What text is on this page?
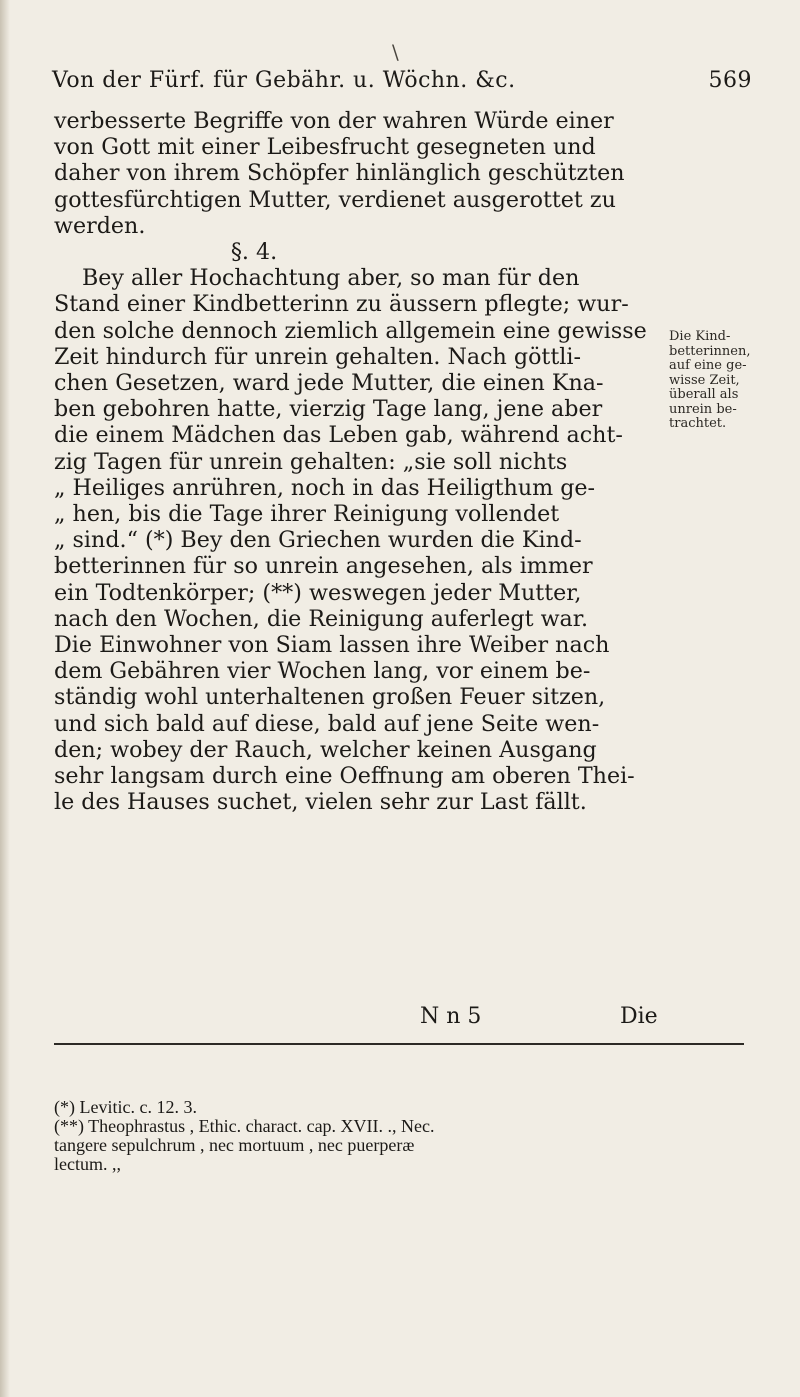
\
Von der Fürf. für Gebähr. u. Wöchn. &c.	569
verbesserte Begriffe von der wahren Würde einer
von Gott mit einer Leibesfrucht gesegneten und
daher von ihrem Schöpfer hinlänglich geschützten
gottesfürchtigen Mutter, verdienet ausgerottet zu
werden.
§. 4.
Bey aller Hochachtung aber, so man für den
Stand einer Kindbetterinn zu äussern pflegte; wur-
den solche dennoch ziemlich allgemein eine gewisse
Zeit hindurch für unrein gehalten. Nach göttli-
chen Gesetzen, ward jede Mutter, die einen Kna-
ben gebohren hatte, vierzig Tage lang, jene aber
die einem Mädchen das Leben gab, während acht-
zig Tagen für unrein gehalten: „sie soll nichts
„ Heiliges anrühren, noch in das Heiligthum ge-
„ hen, bis die Tage ihrer Reinigung vollendet
„ sind.“ (*) Bey den Griechen wurden die Kind-
betterinnen für so unrein angesehen, als immer
ein Todtenkörper; (**) weswegen jeder Mutter,
nach den Wochen, die Reinigung auferlegt war.
Die Einwohner von Siam lassen ihre Weiber nach
dem Gebähren vier Wochen lang, vor einem be-
ständig wohl unterhaltenen großen Feuer sitzen,
und sich bald auf diese, bald auf jene Seite wen-
den; wobey der Rauch, welcher keinen Ausgang
sehr langsam durch eine Oeffnung am oberen Thei-
le des Hauses suchet, vielen sehr zur Last fällt.
N n 5	Die
Die Kind-
betterinnen,
auf eine ge-
wisse Zeit,
überall als
unrein be-
trachtet.
(*) Levitic. c. 12. 3.
(**) Theophrastus , Ethic. charact. cap. XVII. ., Nec.
tangere sepulchrum , nec mortuum , nec puerperæ
lectum. ,,
